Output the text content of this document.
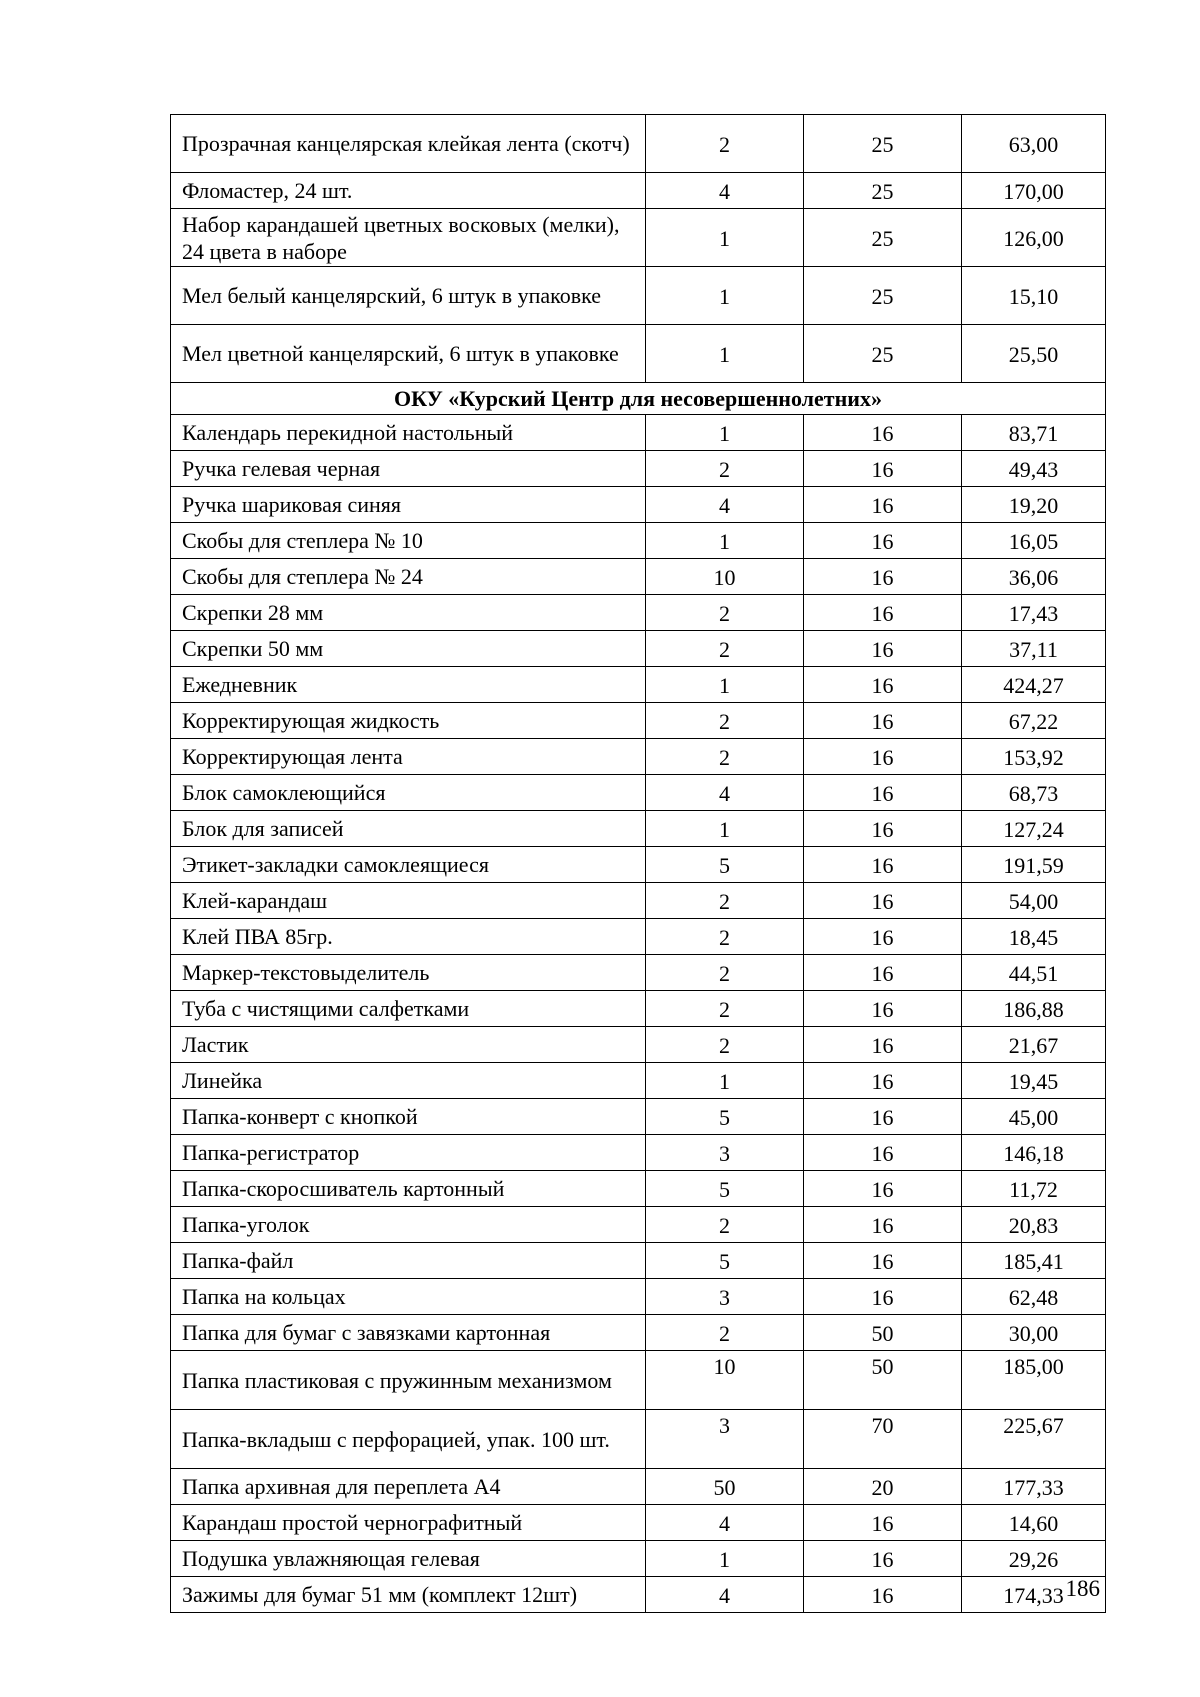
Прозрачная канцелярская клейкая лента (скотч)	2	25	63,00
Фломастер, 24 шт.	4	25	170,00
Набор карандашей цветных восковых (мелки), 24 цвета в наборе	1	25	126,00
Мел белый канцелярский, 6 штук в упаковке	1	25	15,10
Мел цветной канцелярский, 6 штук в упаковке	1	25	25,50
ОКУ «Курский Центр для несовершеннолетних»			
Календарь перекидной настольный	1	16	83,71
Ручка гелевая черная	2	16	49,43
Ручка шариковая синяя	4	16	19,20
Скобы для степлера № 10	1	16	16,05
Скобы для степлера № 24	10	16	36,06
Скрепки 28 мм	2	16	17,43
Скрепки 50 мм	2	16	37,11
Ежедневник	1	16	424,27
Корректирующая жидкость	2	16	67,22
Корректирующая лента	2	16	153,92
Блок самоклеющийся	4	16	68,73
Блок для записей	1	16	127,24
Этикет-закладки самоклеящиеся	5	16	191,59
Клей-карандаш	2	16	54,00
Клей ПВА 85гр.	2	16	18,45
Маркер-текстовыделитель	2	16	44,51
Туба с чистящими салфетками	2	16	186,88
Ластик	2	16	21,67
Линейка	1	16	19,45
Папка-конверт с кнопкой	5	16	45,00
Папка-регистратор	3	16	146,18
Папка-скоросшиватель картонный	5	16	11,72
Папка-уголок	2	16	20,83
Папка-файл	5	16	185,41
Папка на кольцах	3	16	62,48
Папка для бумаг с завязками картонная	2	50	30,00
Папка пластиковая с пружинным механизмом	10	50	185,00
Папка-вкладыш с перфорацией, упак. 100 шт.	3	70	225,67
Папка архивная для переплета А4	50	20	177,33
Карандаш простой чернографитный	4	16	14,60
Подушка увлажняющая гелевая	1	16	29,26
Зажимы для бумаг 51 мм (комплект 12шт)	4	16	174,33 186
